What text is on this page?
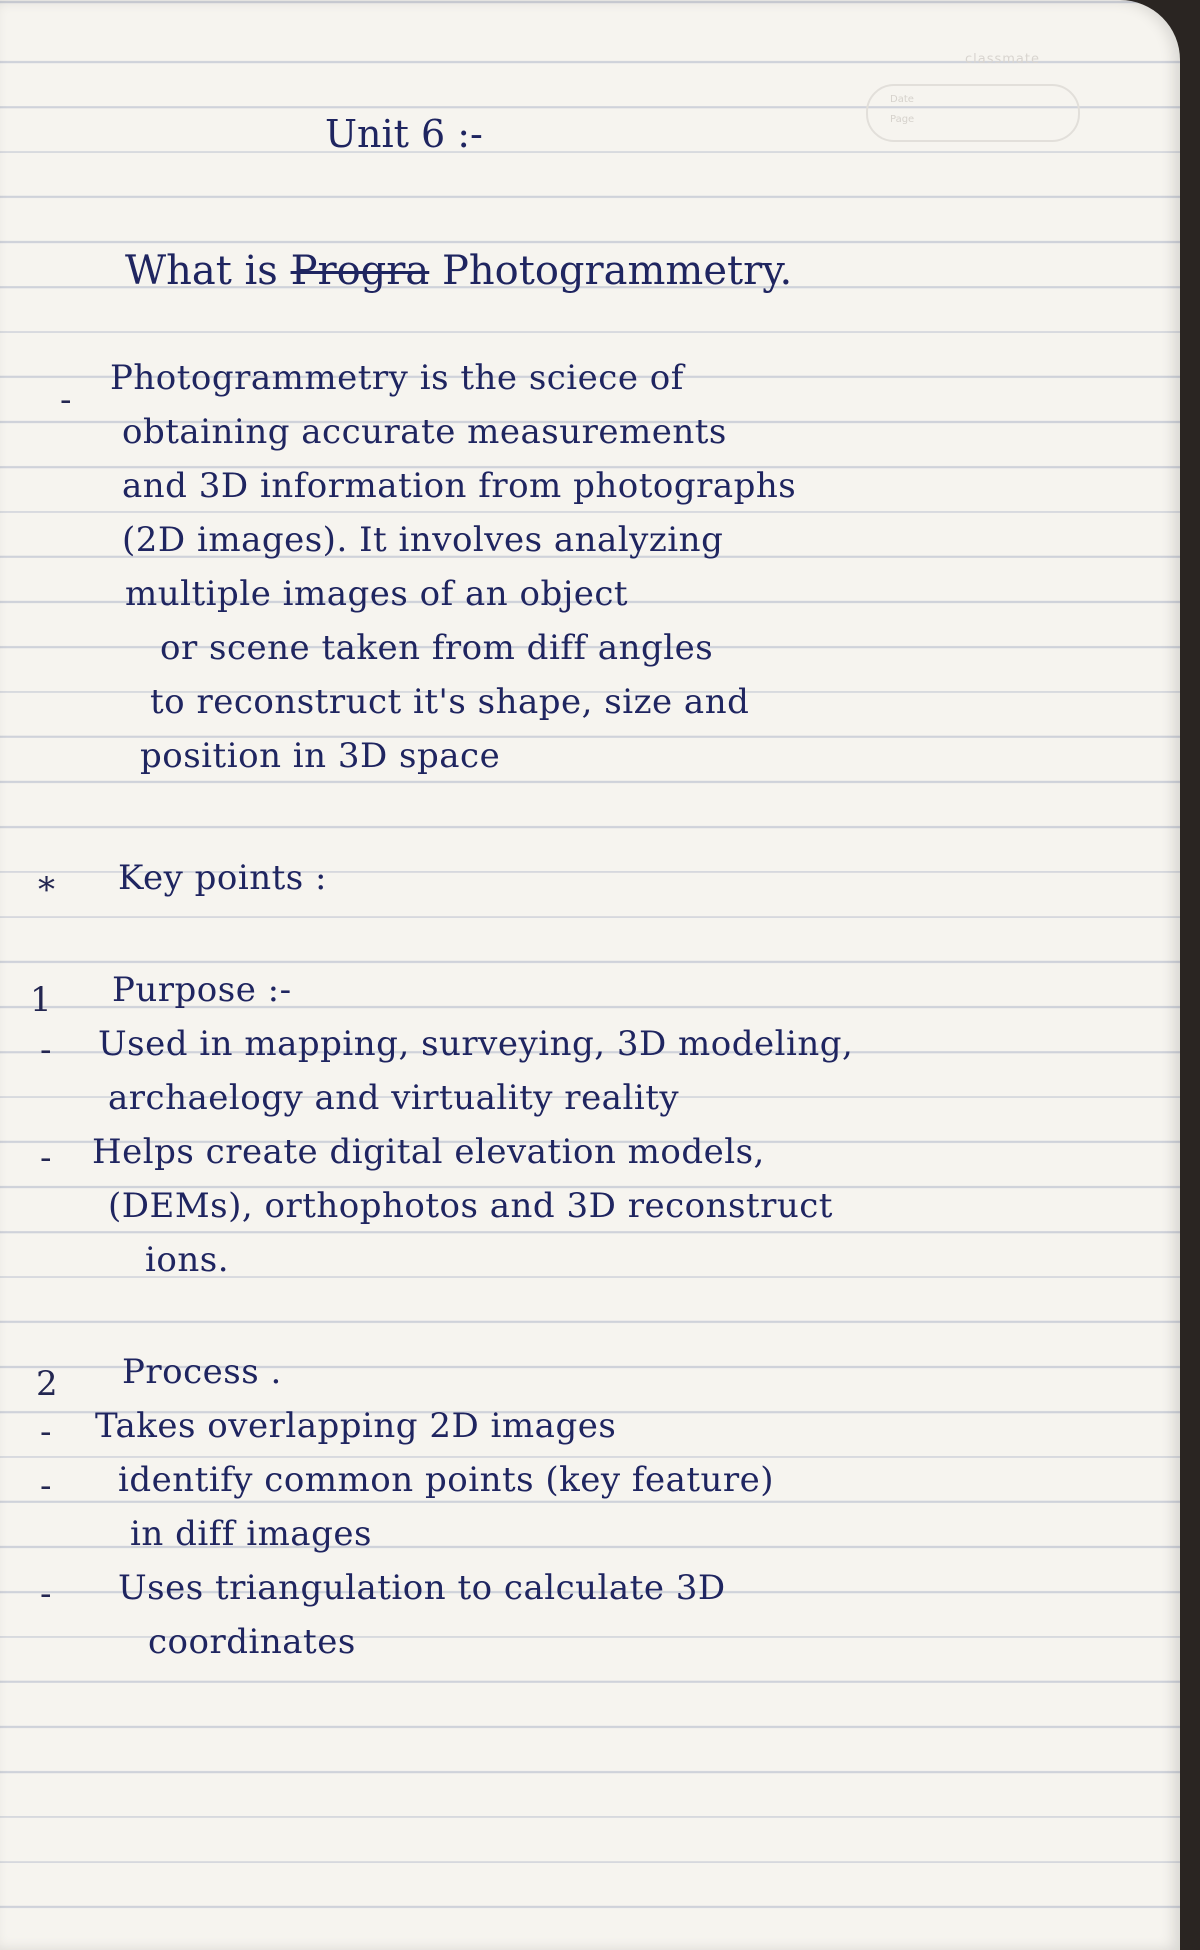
classmate
Date
Page
Unit 6 :-
What is Progra Photogrammetry.
-
Photogrammetry is the sciece of
obtaining accurate measurements
and 3D information from photographs
(2D images). It involves analyzing
multiple images of an object
or scene taken from diff angles
to reconstruct it's shape, size and
position in 3D space
* Key points :
1 Purpose :-
- Used in mapping, surveying, 3D modeling,
archaelogy and virtuality reality
- Helps create digital elevation models,
(DEMs), orthophotos and 3D reconstruct
ions.
2 Process .
- Takes overlapping 2D images
- identify common points (key feature)
in diff images
- Uses triangulation to calculate 3D
coordinates
